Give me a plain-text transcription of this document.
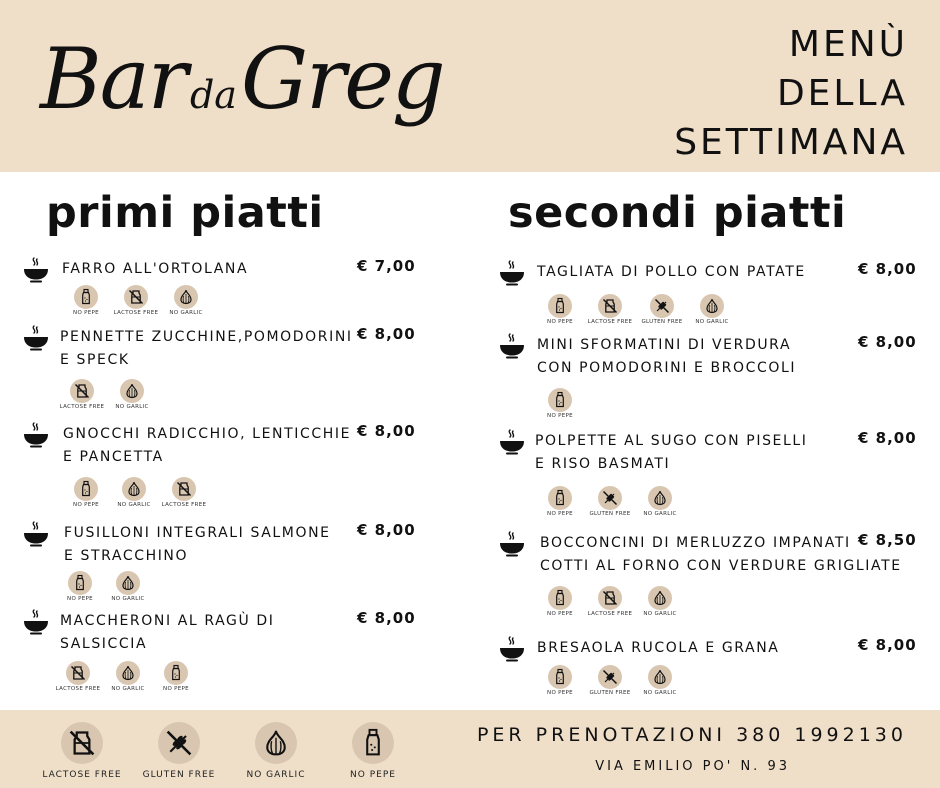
Bar daGreg	MENÙ
DELLA
SETTIMANA
primi piatti	secondi piatti
FARRO ALL'ORTOLANA	€ 7,00
NO PEPE	LACTOSE FREE	NO GARLIC
PENNETTE ZUCCHINE,POMODORINI
E SPECK
€ 8,00
LACTOSE FREE	NO GARLIC
GNOCCHI RADICCHIO, LENTICCHIE
E PANCETTA
€ 8,00
NO PEPE	NO GARLIC	LACTOSE FREE
FUSILLONI INTEGRALI SALMONE
E STRACCHINO
€ 8,00
NO PEPE	NO GARLIC
MACCHERONI AL RAGÙ DI
SALSICCIA
€ 8,00
LACTOSE FREE	NO GARLIC	NO PEPE
TAGLIATA DI POLLO CON PATATE	€ 8,00
NO PEPE	LACTOSE FREE	GLUTEN FREE	NO GARLIC
MINI SFORMATINI DI VERDURA
CON POMODORINI E BROCCOLI
€ 8,00
NO PEPE
POLPETTE AL SUGO CON PISELLI
E RISO BASMATI
€ 8,00
NO PEPE	GLUTEN FREE	NO GARLIC
BOCCONCINI DI MERLUZZO IMPANATI
COTTI AL FORNO CON VERDURE GRIGLIATE
€ 8,50
NO PEPE	LACTOSE FREE	NO GARLIC
BRESAOLA RUCOLA E GRANA	€ 8,00
NO PEPE	GLUTEN FREE	NO GARLIC
LACTOSE FREE	GLUTEN FREE	NO GARLIC	NO PEPE
PER PRENOTAZIONI 380 1992130
VIA EMILIO PO' N. 93
